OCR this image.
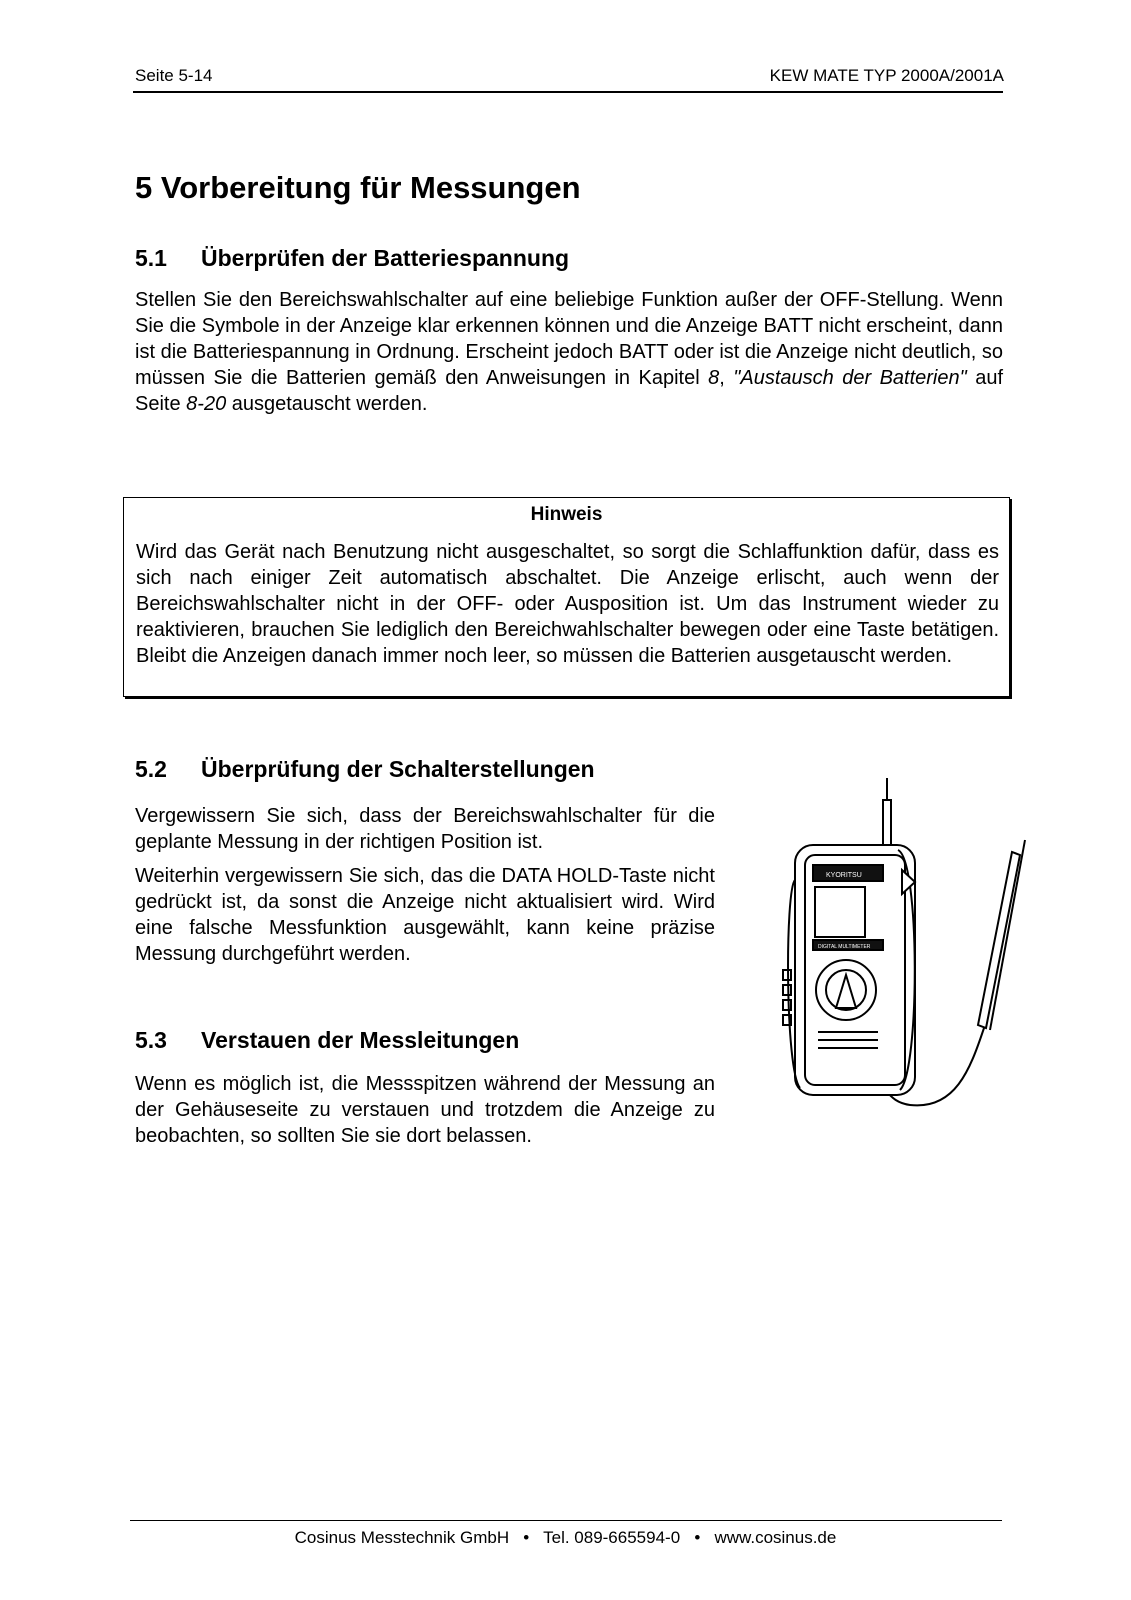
Seite 5-14	KEW MATE TYP 2000A/2001A
5 Vorbereitung für Messungen
5.1 Überprüfen der Batteriespannung

Stellen Sie den Bereichswahlschalter auf eine beliebige Funktion außer der OFF-Stellung. Wenn Sie die Symbole in der Anzeige klar erkennen können und die Anzeige BATT nicht erscheint, dann ist die Batteriespannung in Ordnung. Erscheint jedoch BATT oder ist die Anzeige nicht deutlich, so müssen Sie die Batterien gemäß den Anweisungen in Kapitel 8, "Austausch der Batterien" auf Seite 8-20 ausgetauscht werden.

Hinweis

Wird das Gerät nach Benutzung nicht ausgeschaltet, so sorgt die Schlaffunktion dafür, dass es sich nach einiger Zeit automatisch abschaltet. Die Anzeige erlischt, auch wenn der Bereichswahlschalter nicht in der OFF- oder Ausposition ist. Um das Instrument wieder zu reaktivieren, brauchen Sie lediglich den Bereichwahlschalter bewegen oder eine Taste betätigen. Bleibt die Anzeigen danach immer noch leer, so müssen die Batterien ausgetauscht werden.

5.2 Überprüfung der Schalterstellungen

Vergewissern Sie sich, dass der Bereichswahlschalter für die geplante Messung in der richtigen Position ist.

Weiterhin vergewissern Sie sich, das die DATA HOLD-Taste nicht gedrückt ist, da sonst die Anzeige nicht aktualisiert wird. Wird eine falsche Messfunktion ausgewählt, kann keine präzise Messung durchgeführt werden.

5.3 Verstauen der Messleitungen

Wenn es möglich ist, die Messspitzen während der Messung an der Gehäuseseite zu verstauen und trotzdem die Anzeige zu beobachten, so sollten Sie sie dort belassen.

KYORITSU
DIGITAL MULTIMETER
Cosinus Messtechnik GmbH • Tel. 089-665594-0 • www.cosinus.de
